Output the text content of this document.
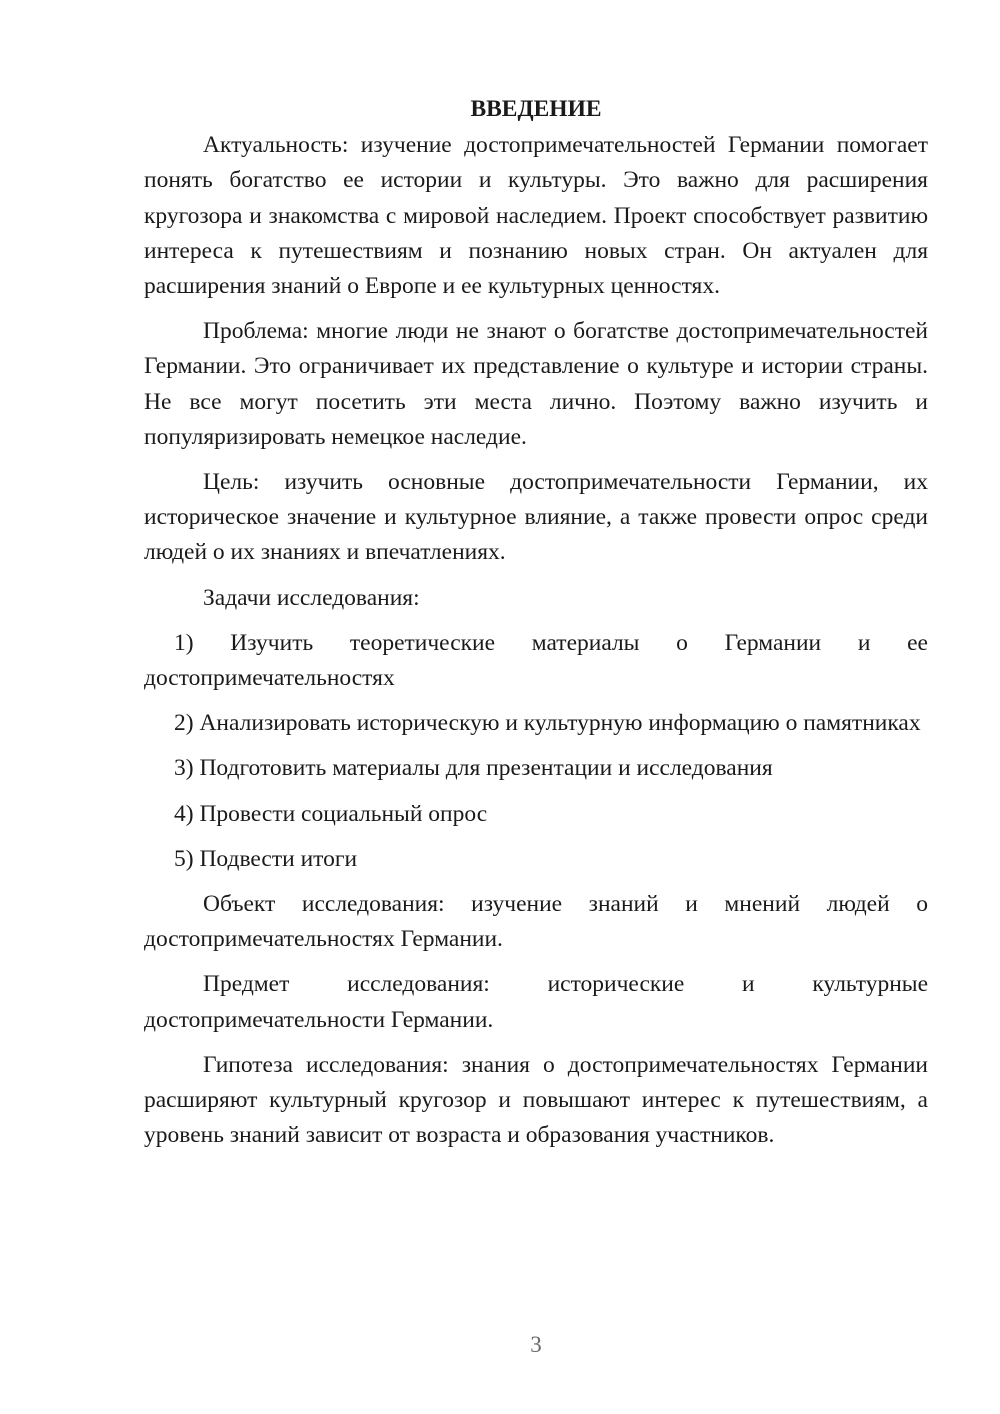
ВВЕДЕНИЕ

Актуальность: изучение достопримечательностей Германии помогает понять богатство ее истории и культуры. Это важно для расширения кругозора и знакомства с мировой наследием. Проект способствует развитию интереса к путешествиям и познанию новых стран. Он актуален для расширения знаний о Европе и ее культурных ценностях.

Проблема: многие люди не знают о богатстве достопримечательностей Германии. Это ограничивает их представление о культуре и истории страны. Не все могут посетить эти места лично. Поэтому важно изучить и популяризировать немецкое наследие.

Цель: изучить основные достопримечательности Германии, их историческое значение и культурное влияние, а также провести опрос среди людей о их знаниях и впечатлениях.

Задачи исследования:

1) Изучить теоретические материалы о Германии и ее достопримечательностях

2) Анализировать историческую и культурную информацию о памятниках

3) Подготовить материалы для презентации и исследования

4) Провести социальный опрос

5) Подвести итоги

Объект исследования: изучение знаний и мнений людей о достопримечательностях Германии.

Предмет исследования: исторические и культурные достопримечательности Германии.

Гипотеза исследования: знания о достопримечательностях Германии расширяют культурный кругозор и повышают интерес к путешествиям, а уровень знаний зависит от возраста и образования участников.

3
